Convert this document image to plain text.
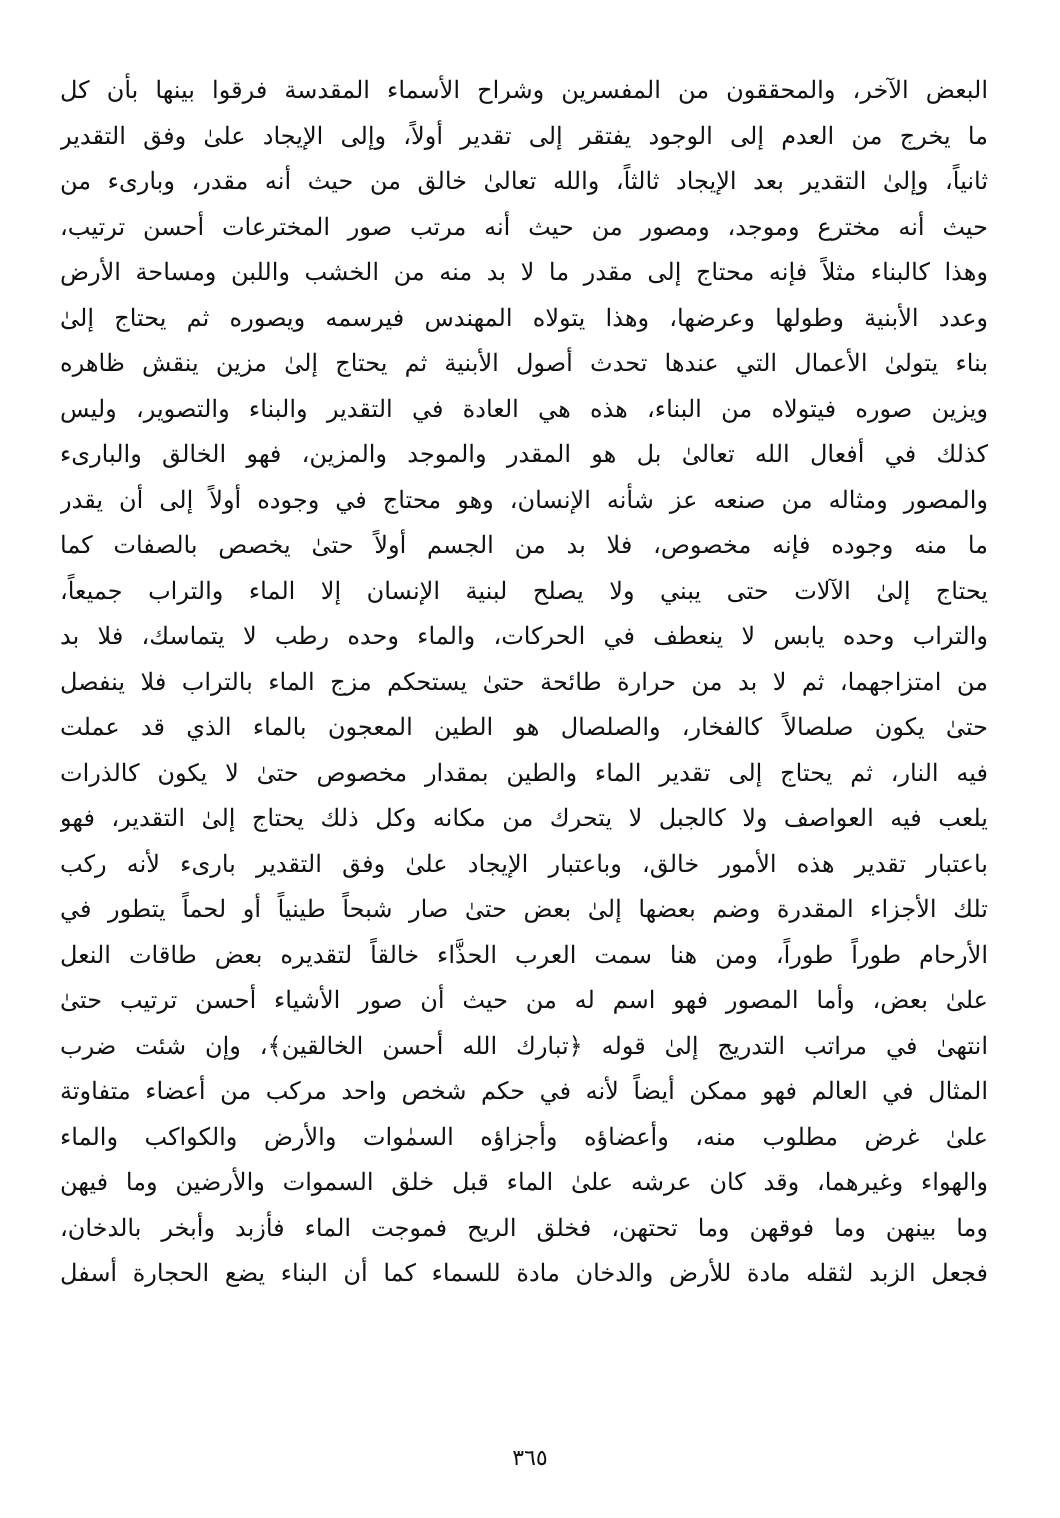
البعض الآخر، والمحققون من المفسرين وشراح الأسماء المقدسة فرقوا بينها بأن كل
ما يخرج من العدم إلى الوجود يفتقر إلى تقدير أولاً، وإلى الإيجاد علىٰ وفق التقدير
ثانياً، وإلىٰ التقدير بعد الإيجاد ثالثاً، والله تعالىٰ خالق من حيث أنه مقدر، وبارىء من
حيث أنه مخترع وموجد، ومصور من حيث أنه مرتب صور المخترعات أحسن ترتيب،
وهذا كالبناء مثلاً فإنه محتاج إلى مقدر ما لا بد منه من الخشب واللبن ومساحة الأرض
وعدد الأبنية وطولها وعرضها، وهذا يتولاه المهندس فيرسمه ويصوره ثم يحتاج إلىٰ
بناء يتولىٰ الأعمال التي عندها تحدث أصول الأبنية ثم يحتاج إلىٰ مزين ينقش ظاهره
ويزين صوره فيتولاه من البناء، هذه هي العادة في التقدير والبناء والتصوير، وليس
كذلك في أفعال الله تعالىٰ بل هو المقدر والموجد والمزين، فهو الخالق والبارىء
والمصور ومثاله من صنعه عز شأنه الإنسان، وهو محتاج في وجوده أولاً إلى أن يقدر
ما منه وجوده فإنه مخصوص، فلا بد من الجسم أولاً حتىٰ يخصص بالصفات كما
يحتاج إلىٰ الآلات حتى يبني ولا يصلح لبنية الإنسان إلا الماء والتراب جميعاً،
والتراب وحده يابس لا ينعطف في الحركات، والماء وحده رطب لا يتماسك، فلا بد
من امتزاجهما، ثم لا بد من حرارة طائحة حتىٰ يستحكم مزج الماء بالتراب فلا ينفصل
حتىٰ يكون صلصالاً كالفخار، والصلصال هو الطين المعجون بالماء الذي قد عملت
فيه النار، ثم يحتاج إلى تقدير الماء والطين بمقدار مخصوص حتىٰ لا يكون كالذرات
يلعب فيه العواصف ولا كالجبل لا يتحرك من مكانه وكل ذلك يحتاج إلىٰ التقدير، فهو
باعتبار تقدير هذه الأمور خالق، وباعتبار الإيجاد علىٰ وفق التقدير بارىء لأنه ركب
تلك الأجزاء المقدرة وضم بعضها إلىٰ بعض حتىٰ صار شبحاً طينياً أو لحماً يتطور في
الأرحام طوراً طوراً، ومن هنا سمت العرب الحذَّاء خالقاً لتقديره بعض طاقات النعل
علىٰ بعض، وأما المصور فهو اسم له من حيث أن صور الأشياء أحسن ترتيب حتىٰ
انتهىٰ في مراتب التدريج إلىٰ قوله ﴿تبارك الله أحسن الخالقين﴾، وإن شئت ضرب
المثال في العالم فهو ممكن أيضاً لأنه في حكم شخص واحد مركب من أعضاء متفاوتة
علىٰ غرض مطلوب منه، وأعضاؤه وأجزاؤه السمٰوات والأرض والكواكب والماء
والهواء وغيرهما، وقد كان عرشه علىٰ الماء قبل خلق السموات والأرضين وما فيهن
وما بينهن وما فوقهن وما تحتهن، فخلق الريح فموجت الماء فأزبد وأبخر بالدخان،
فجعل الزبد لثقله مادة للأرض والدخان مادة للسماء كما أن البناء يضع الحجارة أسفل
٣٦٥
